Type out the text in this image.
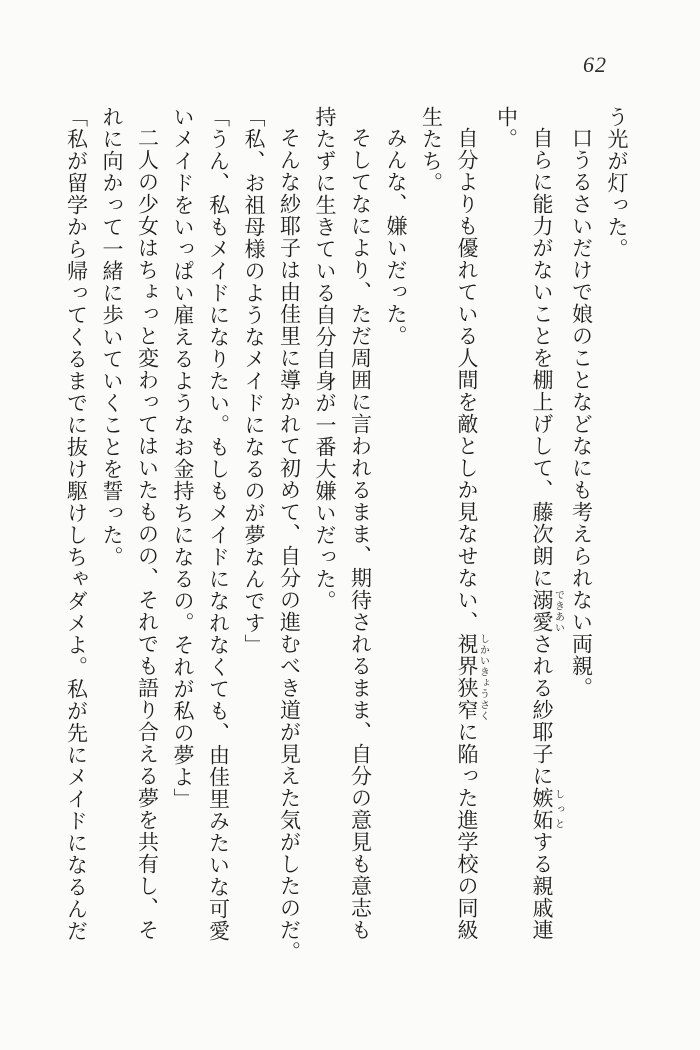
62

う光が灯った。

口うるさいだけで娘のことなどなにも考えられない両親。

自らに能力がないことを棚上げして、藤次朗に溺愛できあいされる紗耶子に嫉妬しっとする親戚連中。

自分よりも優れている人間を敵としか見なせない、視界狭窄しかいきょうさくに陥った進学校の同級生たち。

みんな、嫌いだった。

そしてなにより、ただ周囲に言われるまま、期待されるまま、自分の意見も意志も持たずに生きている自分自身が一番大嫌いだった。

そんな紗耶子は由佳里に導かれて初めて、自分の進むべき道が見えた気がしたのだ。

「私、お祖母様のようなメイドになるのが夢なんです」

「うん、私もメイドになりたい。もしもメイドになれなくても、由佳里みたいな可愛いメイドをいっぱい雇えるようなお金持ちになるの。それが私の夢よ」

二人の少女はちょっと変わってはいたものの、それでも語り合える夢を共有し、それに向かって一緒に歩いていくことを誓った。

「私が留学から帰ってくるまでに抜け駆けしちゃダメよ。私が先にメイドになるんだ
